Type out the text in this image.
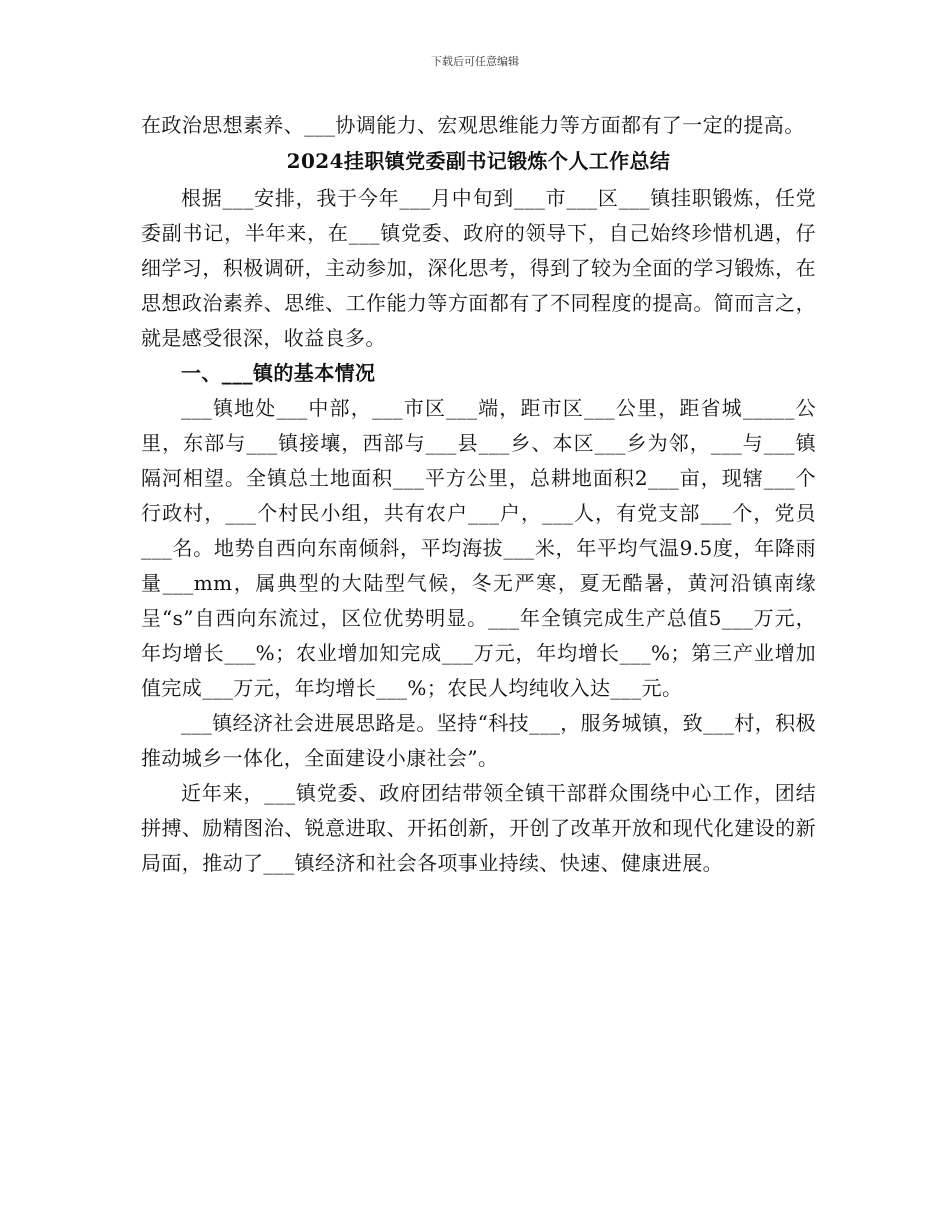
下载后可任意编辑

在政治思想素养、___协调能力、宏观思维能力等方面都有了一定的提高。

2024挂职镇党委副书记锻炼个人工作总结

根据___安排，我于今年___月中旬到___市___区___镇挂职锻炼，任党委副书记，半年来，在___镇党委、政府的领导下，自己始终珍惜机遇，仔细学习，积极调研，主动参加，深化思考，得到了较为全面的学习锻炼，在思想政治素养、思维、工作能力等方面都有了不同程度的提高。简而言之，就是感受很深，收益良多。

一、___镇的基本情况

___镇地处___中部，___市区___端，距市区___公里，距省城_____公里，东部与___镇接壤，西部与___县___乡、本区___乡为邻，___与___镇隔河相望。全镇总土地面积___平方公里，总耕地面积2___亩，现辖___个行政村，___个村民小组，共有农户___户，___人，有党支部___个，党员___名。地势自西向东南倾斜，平均海拔___米，年平均气温9.5度，年降雨量___mm，属典型的大陆型气候，冬无严寒，夏无酷暑，黄河沿镇南缘呈“s”自西向东流过，区位优势明显。___年全镇完成生产总值5___万元，年均增长___%；农业增加知完成___万元，年均增长___%；第三产业增加值完成___万元，年均增长___%；农民人均纯收入达___元。

___镇经济社会进展思路是。坚持“科技___，服务城镇，致___村，积极推动城乡一体化，全面建设小康社会”。

近年来，___镇党委、政府团结带领全镇干部群众围绕中心工作，团结拼搏、励精图治、锐意进取、开拓创新，开创了改革开放和现代化建设的新局面，推动了___镇经济和社会各项事业持续、快速、健康进展。
